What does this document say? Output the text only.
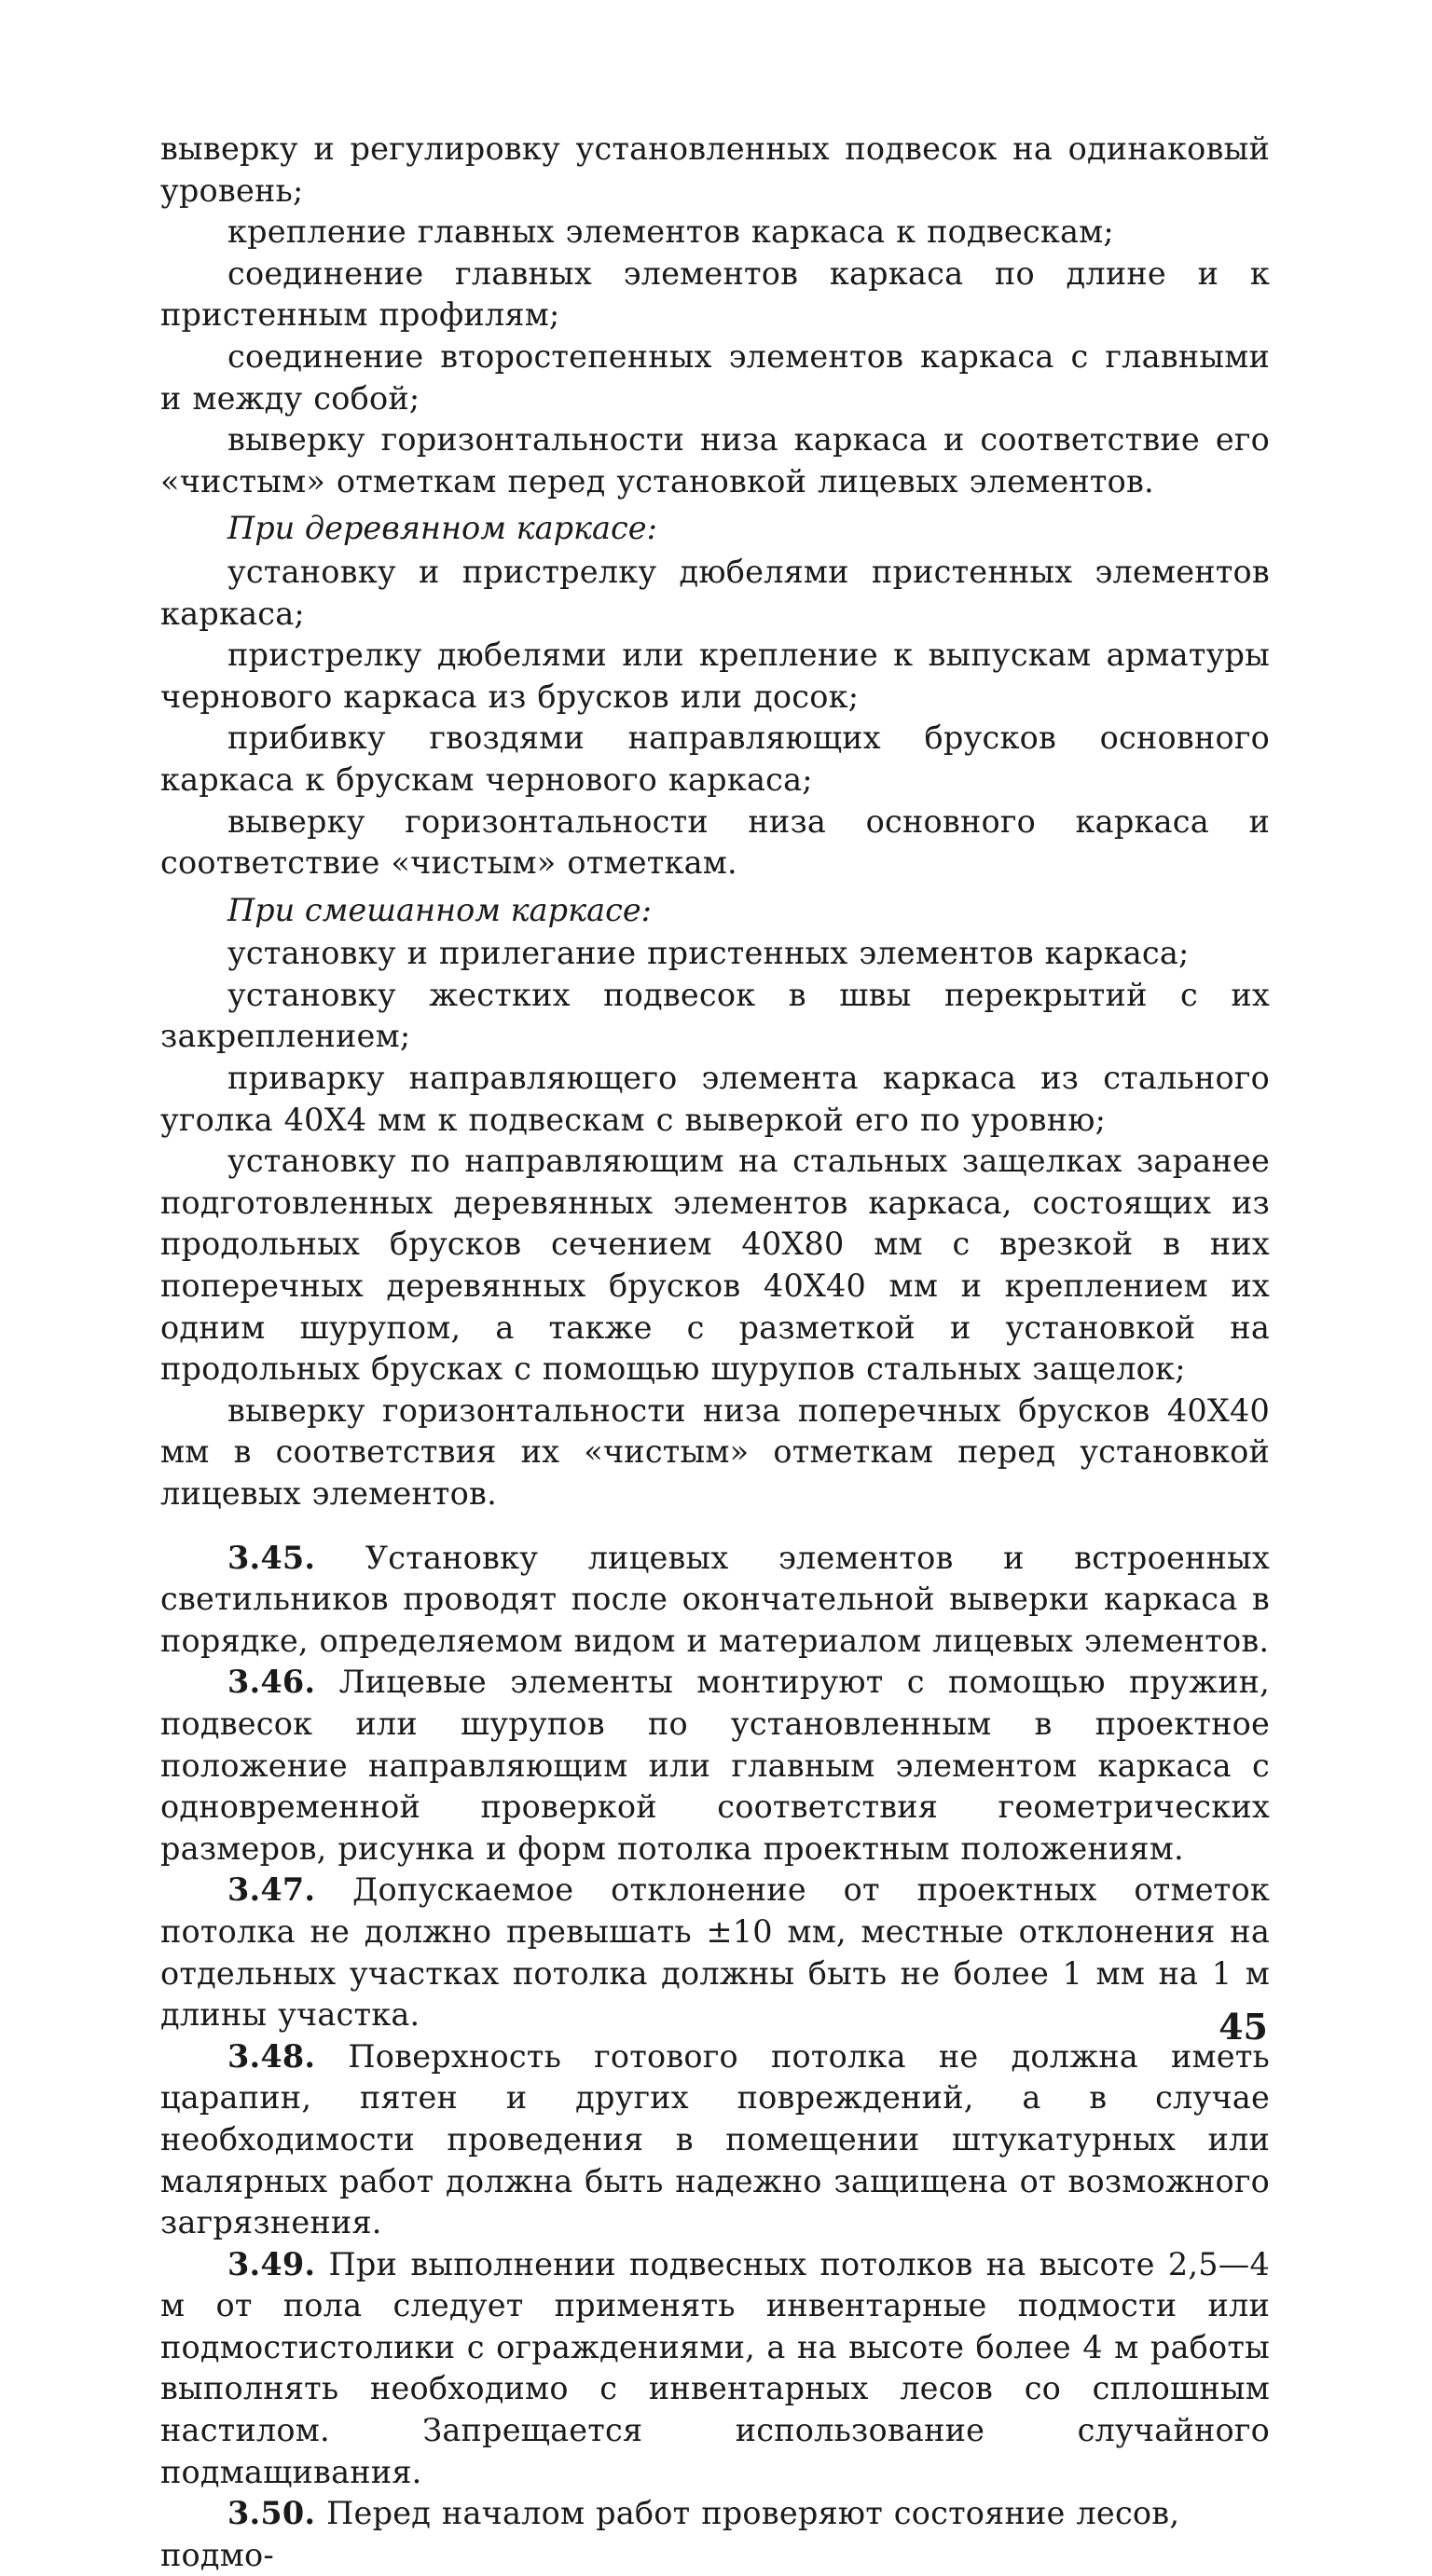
выверку и регулировку установленных подвесок на одинаковый уровень;

крепление главных элементов каркаса к подвескам;

соединение главных элементов каркаса по длине и к пристенным профилям;

соединение второстепенных элементов каркаса с главными и между собой;

выверку горизонтальности низа каркаса и соответствие его «чистым» отметкам перед установкой лицевых элементов.

При деревянном каркасе:

установку и пристрелку дюбелями пристенных элементов каркаса;

пристрелку дюбелями или крепление к выпускам арматуры чернового каркаса из брусков или досок;

прибивку гвоздями направляющих брусков основного каркаса к брускам чернового каркаса;

выверку горизонтальности низа основного каркаса и соответствие «чистым» отметкам.

При смешанном каркасе:

установку и прилегание пристенных элементов каркаса;

установку жестких подвесок в швы перекрытий с их закреплением;

приварку направляющего элемента каркаса из стального уголка 40Х4 мм к подвескам с выверкой его по уровню;

установку по направляющим на стальных защелках заранее подготовленных деревянных элементов каркаса, состоящих из продольных брусков сечением 40Х80 мм с врезкой в них поперечных деревянных брусков 40Х40 мм и креплением их одним шурупом, а также с разметкой и установкой на продольных брусках с помощью шурупов стальных защелок;

выверку горизонтальности низа поперечных брусков 40Х40 мм в соответствия их «чистым» отметкам перед установкой лицевых элементов.

3.45. Установку лицевых элементов и встроенных светильников проводят после окончательной выверки каркаса в порядке, определяемом видом и материалом лицевых элементов.

3.46. Лицевые элементы монтируют с помощью пружин, подвесок или шурупов по установленным в проектное положение направляющим или главным элементом каркаса с одновременной проверкой соответствия геометрических размеров, рисунка и форм потолка проектным положениям.

3.47. Допускаемое отклонение от проектных отметок потолка не должно превышать ±10 мм, местные отклонения на отдельных участках потолка должны быть не более 1 мм на 1 м длины участка.

3.48. Поверхность готового потолка не должна иметь царапин, пятен и других повреждений, а в случае необходимости проведения в помещении штукатурных или малярных работ должна быть надежно защищена от возможного загрязнения.

3.49. При выполнении подвесных потолков на высоте 2,5—4 м от пола следует применять инвентарные подмости или подмостистолики с ограждениями, а на высоте более 4 м работы выполнять необходимо с инвентарных лесов со сплошным настилом. Запрещается использование случайного подмащивания.

3.50. Перед началом работ проверяют состояние лесов, подмо-

45
